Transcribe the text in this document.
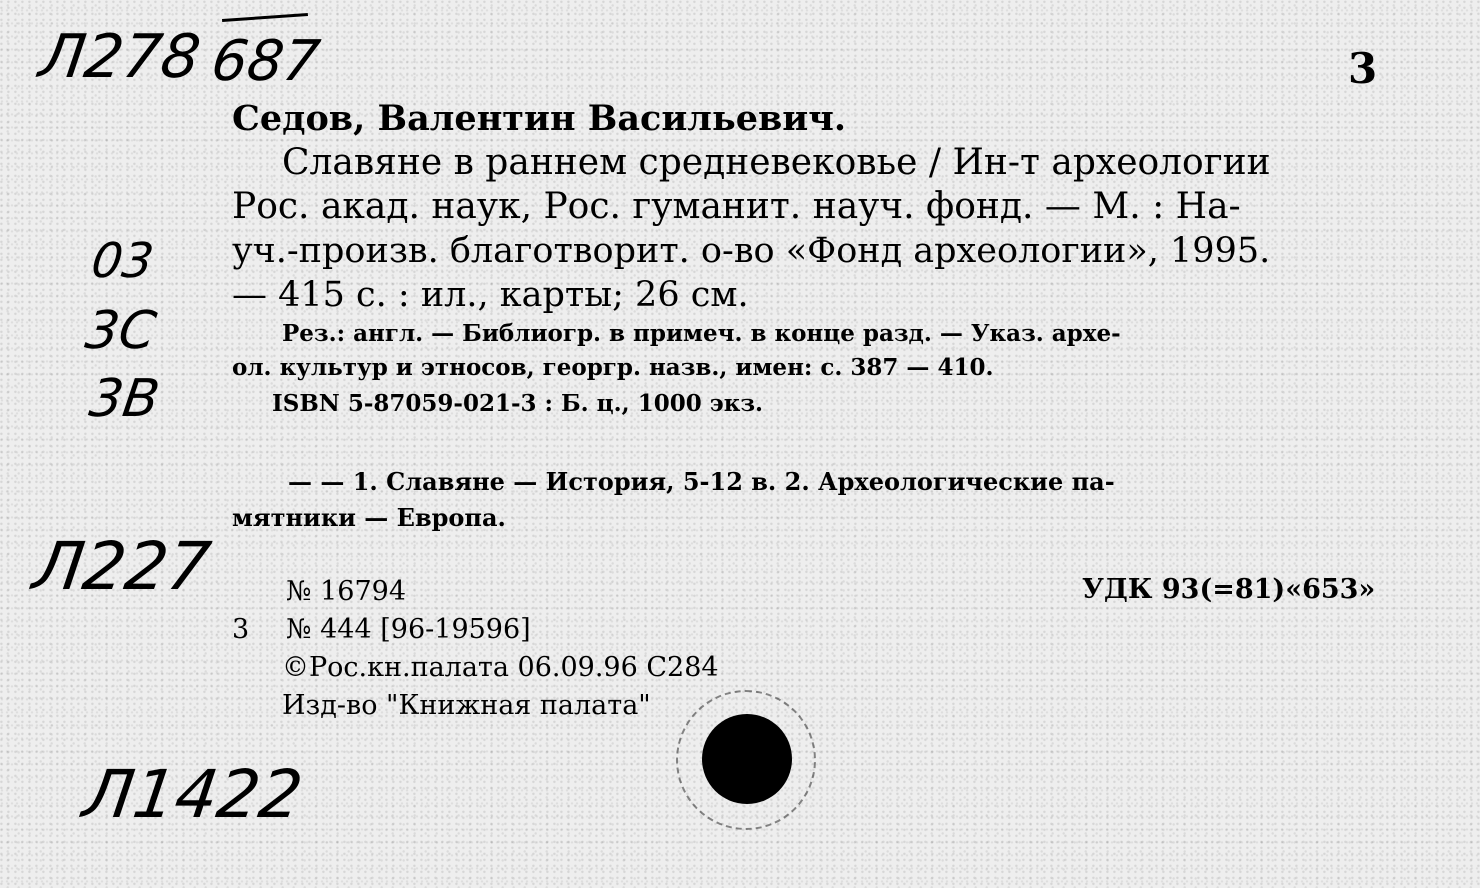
Л278 687	3
Седов, Валентин Васильевич.
Славяне в раннем средневековье / Ин-т археологии
Рос. акад. наук, Рос. гуманит. науч. фонд. — М. : На-
уч.-произв. благотворит. о-во «Фонд археологии», 1995.
— 415 с. : ил., карты; 26 см.
03
3С
3В
Рез.: англ. — Библиогр. в примеч. в конце разд. — Указ. архе-
ол. культур и этносов, георгр. назв., имен: с. 387 — 410.
ISBN 5-87059-021-3 : Б. ц., 1000 экз.
— — 1. Славяне — История, 5-12 в. 2. Археологические па-
мятники — Европа.
Л227	№ 16794	УДК 93(=81)«653»
3 № 444 [96-19596]
©Рос.кн.палата 06.09.96 С284
Изд-во "Книжная палата"
Л1422
